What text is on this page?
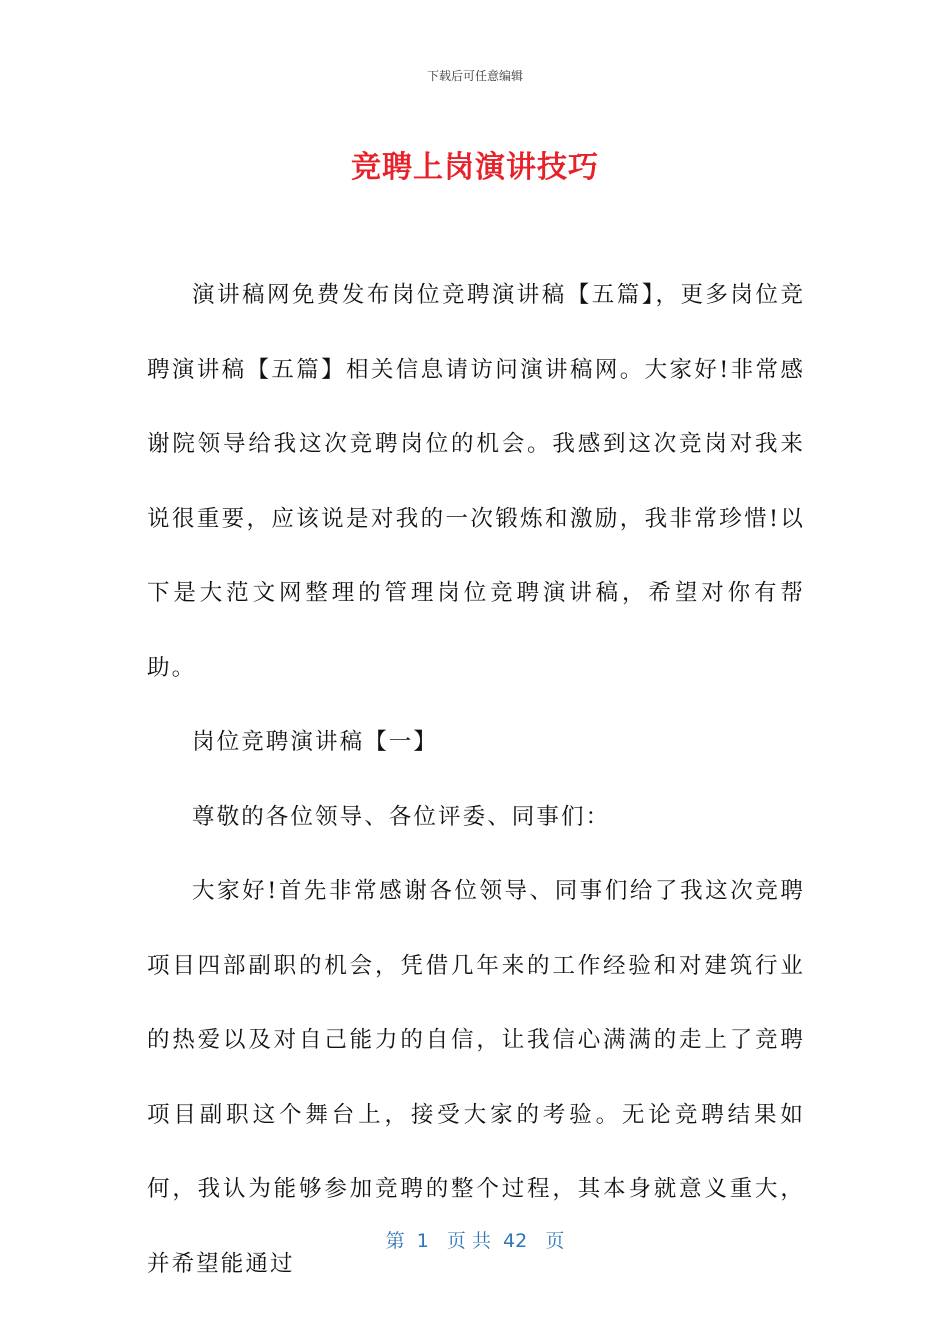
下载后可任意编辑
竞聘上岗演讲技巧

演讲稿网免费发布岗位竞聘演讲稿【五篇】，更多岗位竞聘演讲稿【五篇】相关信息请访问演讲稿网。大家好!非常感谢院领导给我这次竞聘岗位的机会。我感到这次竞岗对我来说很重要，应该说是对我的一次锻炼和激励，我非常珍惜!以下是大范文网整理的管理岗位竞聘演讲稿，希望对你有帮助。

岗位竞聘演讲稿【一】

尊敬的各位领导、各位评委、同事们：

大家好!首先非常感谢各位领导、同事们给了我这次竞聘项目四部副职的机会，凭借几年来的工作经验和对建筑行业的热爱以及对自己能力的自信，让我信心满满的走上了竞聘项目副职这个舞台上，接受大家的考验。无论竞聘结果如何，我认为能够参加竞聘的整个过程，其本身就意义重大，并希望能通过

第  1   页 共  42   页
